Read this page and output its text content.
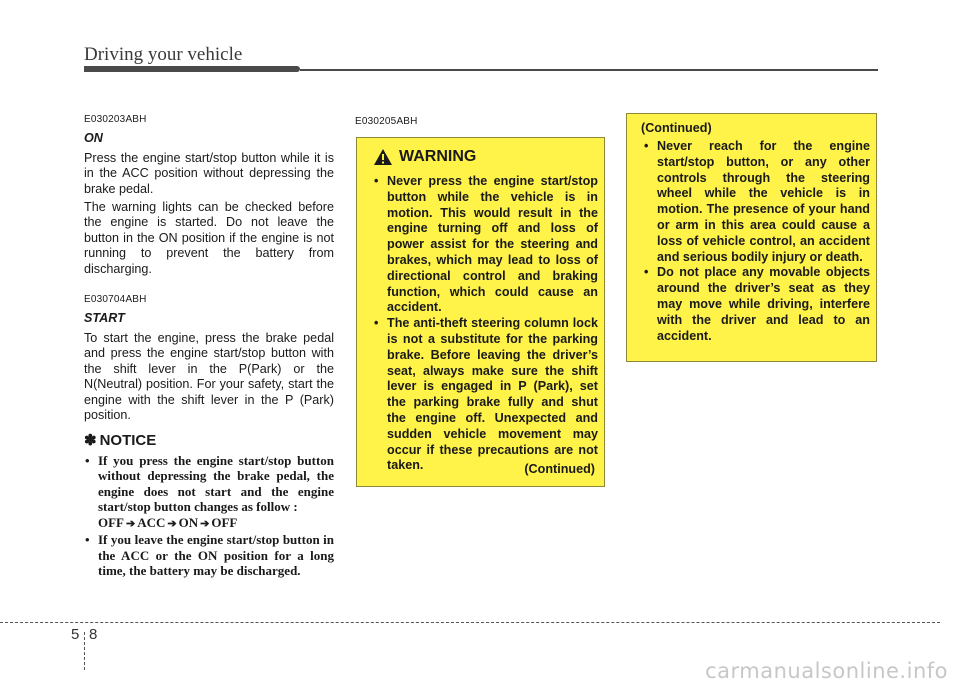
Driving your vehicle
E030203ABH
ON

Press the engine start/stop button while it is in the ACC position without depressing the brake pedal.

The warning lights can be checked before the engine is started. Do not leave the button in the ON position if the engine is not running to prevent the battery from discharging.

E030704ABH
START

To start the engine, press the brake pedal and press the engine start/stop button with the shift lever in the P(Park) or the N(Neutral) position. For your safety, start the engine with the shift lever in the P (Park) position.

✽ NOTICE
• If you press the engine start/stop button without depressing the brake pedal, the engine does not start and the engine start/stop button changes as follow :
OFF ➔ ACC ➔ ON ➔ OFF
• If you leave the engine start/stop button in the ACC or the ON position for a long time, the battery may be discharged.
E030205ABH
WARNING
• Never press the engine start/stop button while the vehicle is in motion. This would result in the engine turning off and loss of power assist for the steering and brakes, which may lead to loss of directional control and braking function, which could cause an accident.
• The anti-theft steering column lock is not a substitute for the parking brake. Before leaving the driver’s seat, always make sure the shift lever is engaged in P (Park), set the parking brake fully and shut the engine off. Unexpected and sudden vehicle movement may occur if these precautions are not taken.	(Continued)
(Continued)
• Never reach for the engine start/stop button, or any other controls through the steering wheel while the vehicle is in motion. The presence of your hand or arm in this area could cause a loss of vehicle control, an accident and serious bodily injury or death.
• Do not place any movable objects around the driver’s seat as they may move while driving, interfere with the driver and lead to an accident.
5 8
carmanualsonline.info
